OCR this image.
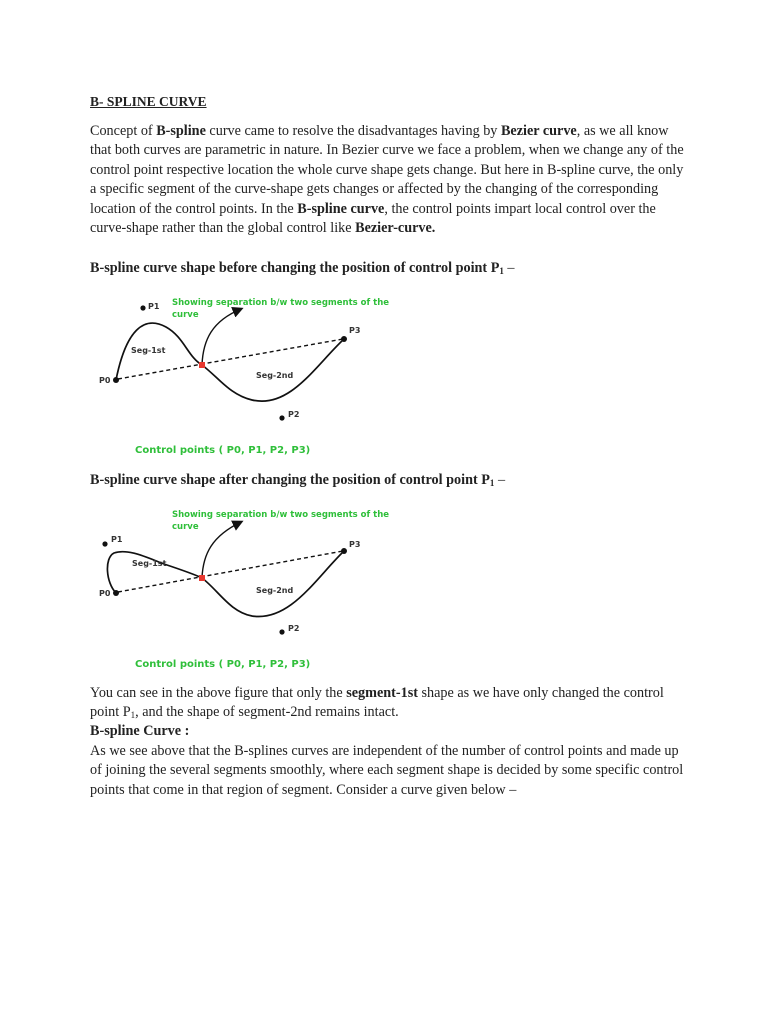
B- SPLINE CURVE
Concept of B-spline curve came to resolve the disadvantages having by Bezier curve, as we all know that both curves are parametric in nature. In Bezier curve we face a problem, when we change any of the control point respective location the whole curve shape gets change. But here in B-spline curve, the only a specific segment of the curve-shape gets changes or affected by the changing of the corresponding location of the control points. In the B-spline curve, the control points impart local control over the curve-shape rather than the global control like Bezier-curve.
B-spline curve shape before changing the position of control point $P_1$ –
Showing separation b/w two segments of the
curve
P1
P0
P3
P2
Seg-1st
Seg-2nd
Control points ( P0, P1, P2, P3)
B-spline curve shape after changing the position of control point $P_1$ –
Showing separation b/w two segments of the
curve
P1
P0
P3
P2
Seg-1st
Seg-2nd
Control points ( P0, P1, P2, P3)
You can see in the above figure that only the segment-1st shape as we have only changed the control point $P_1$, and the shape of segment-2nd remains intact.
B-spline Curve :
As we see above that the B-splines curves are independent of the number of control points and made up of joining the several segments smoothly, where each segment shape is decided by some specific control points that come in that region of segment. Consider a curve given below –
